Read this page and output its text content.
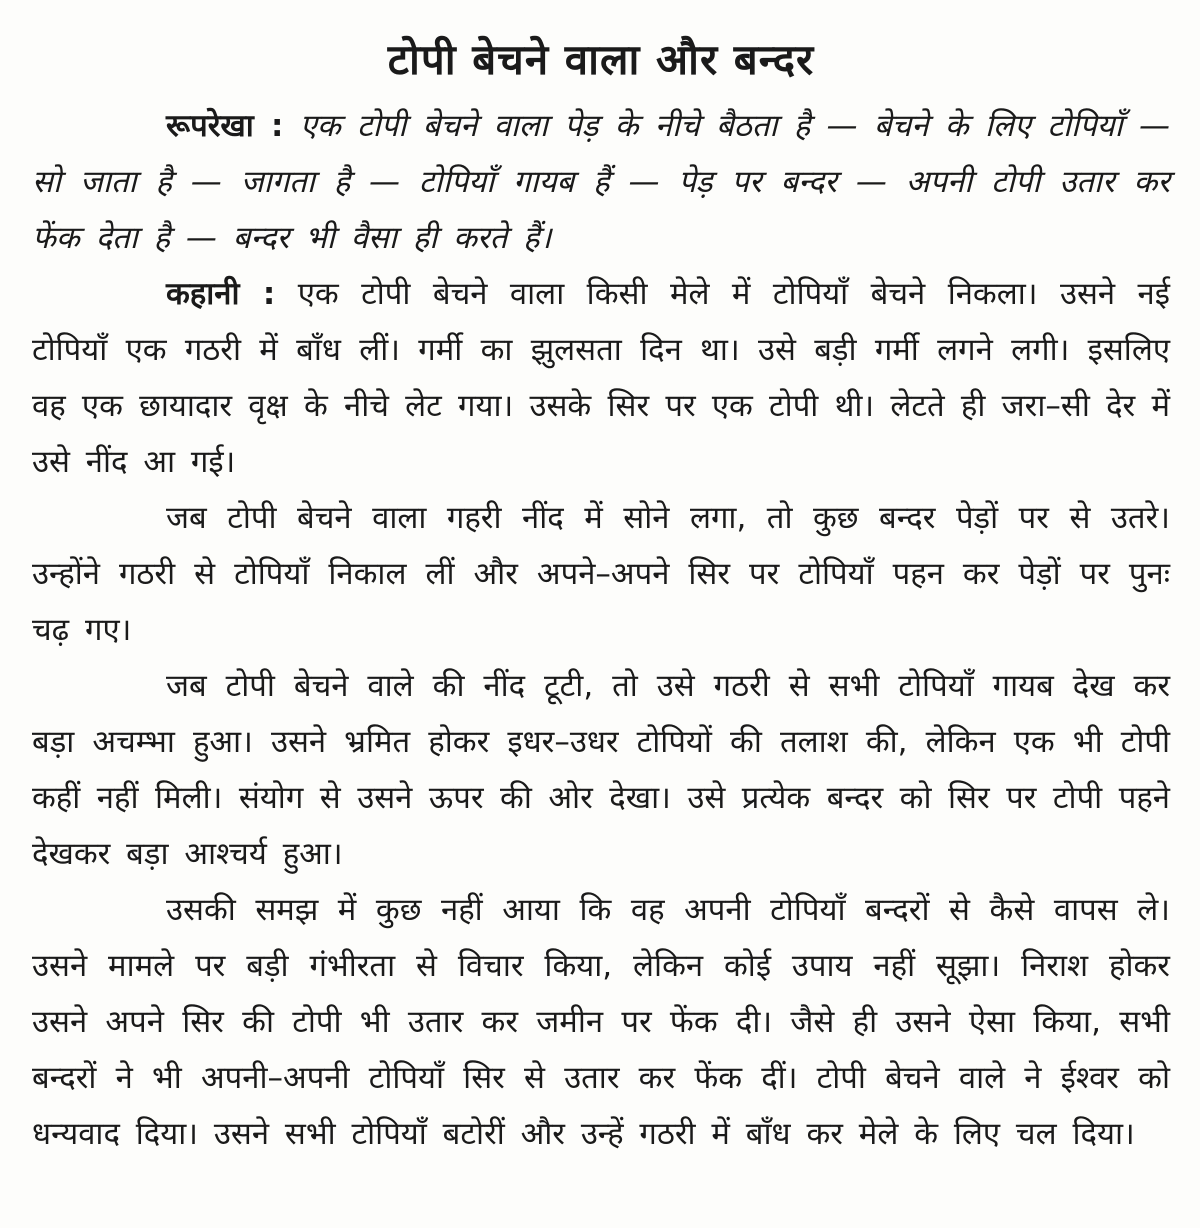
टोपी बेचने वाला और बन्दर

रूपरेखा : एक टोपी बेचने वाला पेड़ के नीचे बैठता है — बेचने के लिए टोपियाँ — सो जाता है — जागता है — टोपियाँ गायब हैं — पेड़ पर बन्दर — अपनी टोपी उतार कर फेंक देता है — बन्दर भी वैसा ही करते हैं।

कहानी : एक टोपी बेचने वाला किसी मेले में टोपियाँ बेचने निकला। उसने नई टोपियाँ एक गठरी में बाँध लीं। गर्मी का झुलसता दिन था। उसे बड़ी गर्मी लगने लगी। इसलिए वह एक छायादार वृक्ष के नीचे लेट गया। उसके सिर पर एक टोपी थी। लेटते ही जरा–सी देर में उसे नींद आ गई।

जब टोपी बेचने वाला गहरी नींद में सोने लगा, तो कुछ बन्दर पेड़ों पर से उतरे। उन्होंने गठरी से टोपियाँ निकाल लीं और अपने–अपने सिर पर टोपियाँ पहन कर पेड़ों पर पुनः चढ़ गए।

जब टोपी बेचने वाले की नींद टूटी, तो उसे गठरी से सभी टोपियाँ गायब देख कर बड़ा अचम्भा हुआ। उसने भ्रमित होकर इधर–उधर टोपियों की तलाश की, लेकिन एक भी टोपी कहीं नहीं मिली। संयोग से उसने ऊपर की ओर देखा। उसे प्रत्येक बन्दर को सिर पर टोपी पहने देखकर बड़ा आश्चर्य हुआ।

उसकी समझ में कुछ नहीं आया कि वह अपनी टोपियाँ बन्दरों से कैसे वापस ले। उसने मामले पर बड़ी गंभीरता से विचार किया, लेकिन कोई उपाय नहीं सूझा। निराश होकर उसने अपने सिर की टोपी भी उतार कर जमीन पर फेंक दी। जैसे ही उसने ऐसा किया, सभी बन्दरों ने भी अपनी–अपनी टोपियाँ सिर से उतार कर फेंक दीं। टोपी बेचने वाले ने ईश्वर को धन्यवाद दिया। उसने सभी टोपियाँ बटोरीं और उन्हें गठरी में बाँध कर मेले के लिए चल दिया।
